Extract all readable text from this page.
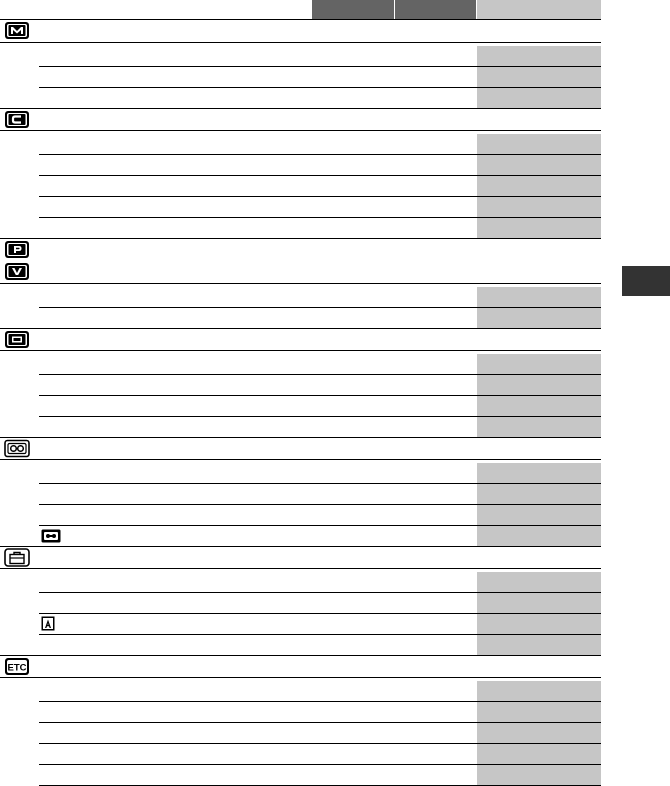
ETC
